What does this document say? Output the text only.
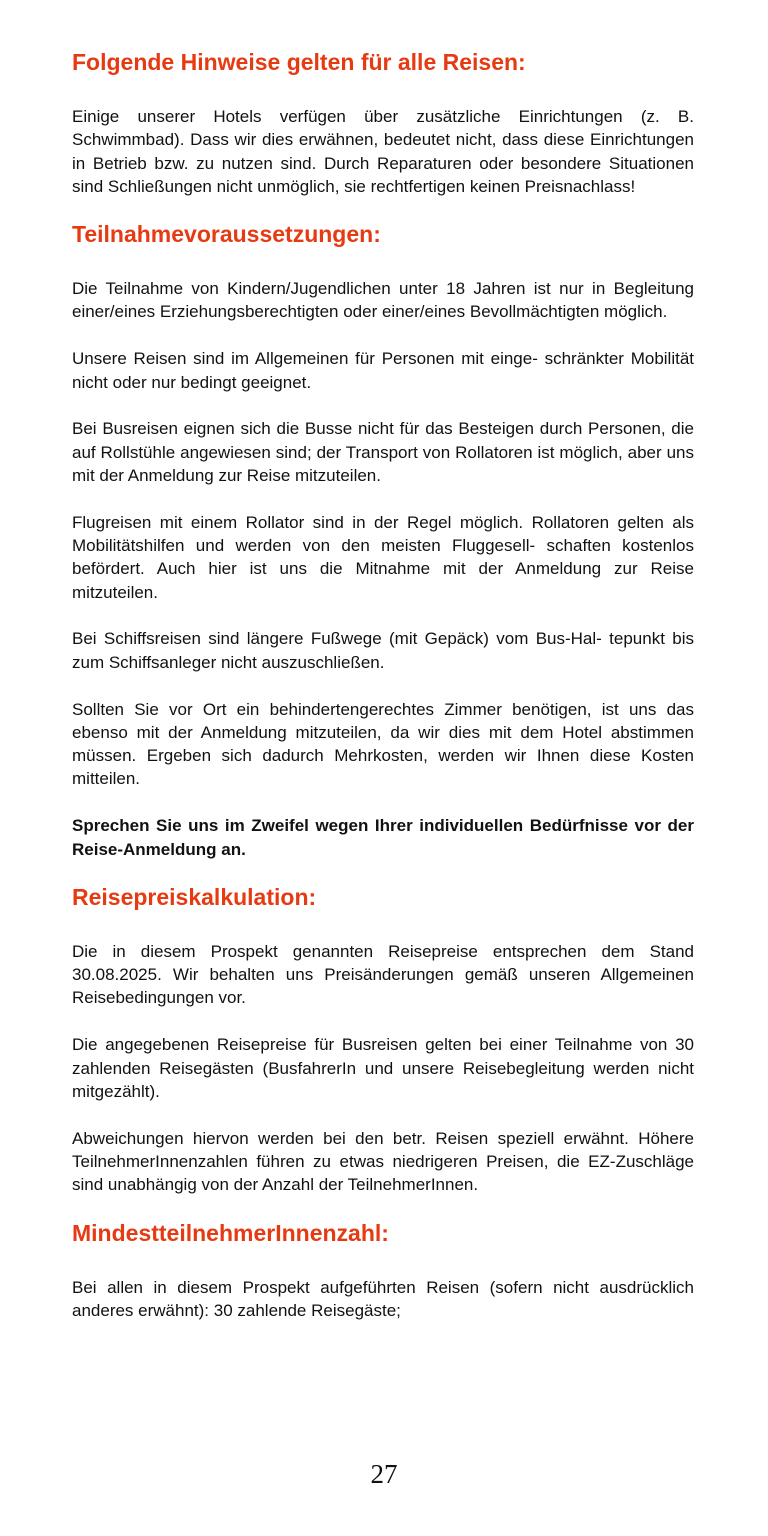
Folgende Hinweise gelten für alle Reisen:

Einige unserer Hotels verfügen über zusätzliche Einrichtungen (z. B. Schwimmbad). Dass wir dies erwähnen, bedeutet nicht, dass diese Einrichtungen in Betrieb bzw. zu nutzen sind. Durch Reparaturen oder besondere Situationen sind Schließungen nicht unmöglich, sie rechtfertigen keinen Preisnachlass!

Teilnahmevoraussetzungen:

Die Teilnahme von Kindern/Jugendlichen unter 18 Jahren ist nur in Begleitung einer/eines Erziehungsberechtigten oder einer/eines Bevollmächtigten möglich.

Unsere Reisen sind im Allgemeinen für Personen mit einge- schränkter Mobilität nicht oder nur bedingt geeignet.

Bei Busreisen eignen sich die Busse nicht für das Besteigen durch Personen, die auf Rollstühle angewiesen sind; der Transport von Rollatoren ist möglich, aber uns mit der Anmeldung zur Reise mitzuteilen.

Flugreisen mit einem Rollator sind in der Regel möglich. Rollatoren gelten als Mobilitätshilfen und werden von den meisten Fluggesell- schaften kostenlos befördert. Auch hier ist uns die Mitnahme mit der Anmeldung zur Reise mitzuteilen.

Bei Schiffsreisen sind längere Fußwege (mit Gepäck) vom Bus-Hal- tepunkt bis zum Schiffsanleger nicht auszuschließen.

Sollten Sie vor Ort ein behindertengerechtes Zimmer benötigen, ist uns das ebenso mit der Anmeldung mitzuteilen, da wir dies mit dem Hotel abstimmen müssen. Ergeben sich dadurch Mehrkosten, werden wir Ihnen diese Kosten mitteilen.

Sprechen Sie uns im Zweifel wegen Ihrer individuellen Bedürfnisse vor der Reise-Anmeldung an.

Reisepreiskalkulation:

Die in diesem Prospekt genannten Reisepreise entsprechen dem Stand 30.08.2025. Wir behalten uns Preisänderungen gemäß unseren Allgemeinen Reisebedingungen vor.

Die angegebenen Reisepreise für Busreisen gelten bei einer Teilnahme von 30 zahlenden Reisegästen (BusfahrerIn und unsere Reisebegleitung werden nicht mitgezählt).

Abweichungen hiervon werden bei den betr. Reisen speziell erwähnt. Höhere TeilnehmerInnenzahlen führen zu etwas niedrigeren Preisen, die EZ-Zuschläge sind unabhängig von der Anzahl der TeilnehmerInnen.

MindestteilnehmerInnenzahl:

Bei allen in diesem Prospekt aufgeführten Reisen (sofern nicht ausdrücklich anderes erwähnt): 30 zahlende Reisegäste;

27
